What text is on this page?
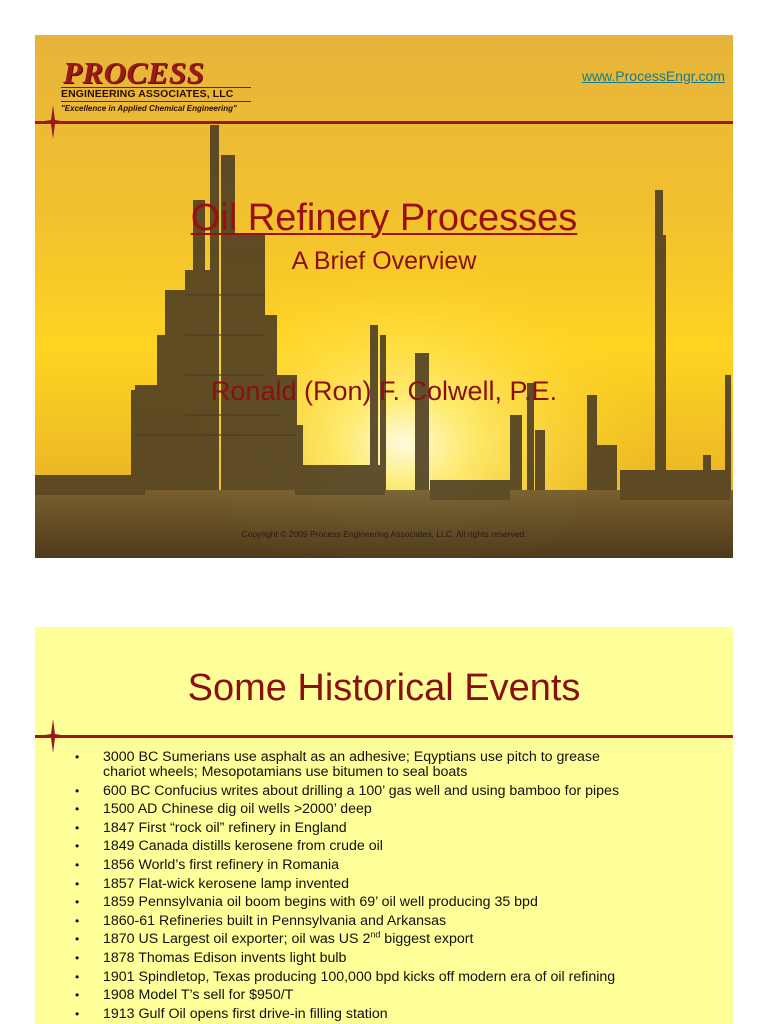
PROCESS
ENGINEERING ASSOCIATES, LLC
"Excellence in Applied Chemical Engineering"
www.ProcessEngr.com
Oil Refinery Processes
A Brief Overview
Ronald (Ron) F. Colwell, P.E.
Copyright © 2009 Process Engineering Associates, LLC. All rights reserved.
Some Historical Events
• 3000 BC Sumerians use asphalt as an adhesive; Eqyptians use pitch to grease
chariot wheels; Mesopotamians use bitumen to seal boats
• 600 BC Confucius writes about drilling a 100’ gas well and using bamboo for pipes
• 1500 AD Chinese dig oil wells >2000’ deep
• 1847 First “rock oil” refinery in England
• 1849 Canada distills kerosene from crude oil
• 1856 World’s first refinery in Romania
• 1857 Flat-wick kerosene lamp invented
• 1859 Pennsylvania oil boom begins with 69’ oil well producing 35 bpd
• 1860-61 Refineries built in Pennsylvania and Arkansas
• 1870 US Largest oil exporter; oil was US 2nd biggest export
• 1878 Thomas Edison invents light bulb
• 1901 Spindletop, Texas producing 100,000 bpd kicks off modern era of oil refining
• 1908 Model T’s sell for $950/T
• 1913 Gulf Oil opens first drive-in filling station
